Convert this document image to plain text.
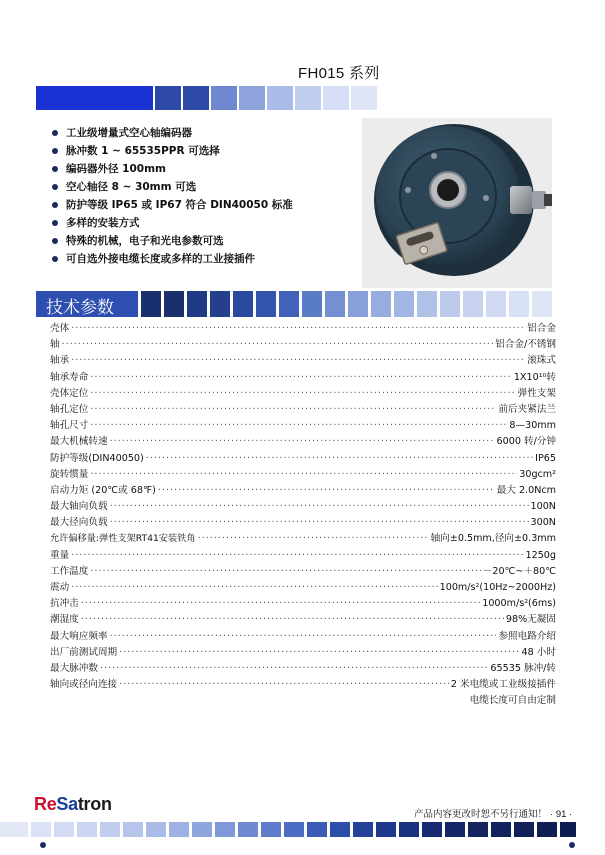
FH015 系列
工业级增量式空心轴编码器
脉冲数 1 ~ 65535PPR 可选择
编码器外径 100mm
空心轴径 8 ~ 30mm 可选
防护等级 IP65 或 IP67 符合 DIN40050 标准
多样的安装方式
特殊的机械，电子和光电参数可选
可自选外接电缆长度或多样的工业接插件
技术参数
壳体 ·····	铝合金
轴 ·····	铝合金/不锈钢
轴承 ·····	滚珠式
轴承寿命 ·····	1X10¹⁰转
壳体定位 ·····	弹性支架
轴孔定位 ·····	前后夹紧法兰
轴孔尺寸 ·····	8—30mm
最大机械转速 ·····	6000 转/分钟
防护等级(DIN40050) ·····	IP65
旋转惯量 ·····	30gcm²
启动力矩 (20℃或 68℉) ·····	最大 2.0Ncm
最大轴向负载 ·····	100N
最大径向负载 ·····	300N
允许偏移量:弹性支架RT41安装铁角 ·····	轴向±0.5mm,径向±0.3mm
重量 ·····	1250g
工作温度 ·····	－20℃~＋80℃
震动 ·····	100m/s²(10Hz~2000Hz)
抗冲击 ·····	1000m/s²(6ms)
潮湿度 ·····	98%无凝固
最大响应频率 ·····	参照电路介绍
出厂前测试周期 ·····	48 小时
最大脉冲数 ·····	65535 脉冲/转
轴向或径向连接 ·····	2 米电缆或工业级接插件
电缆长度可自由定制
ReSatron
产品内容更改时恕不另行通知！ · 91 ·
